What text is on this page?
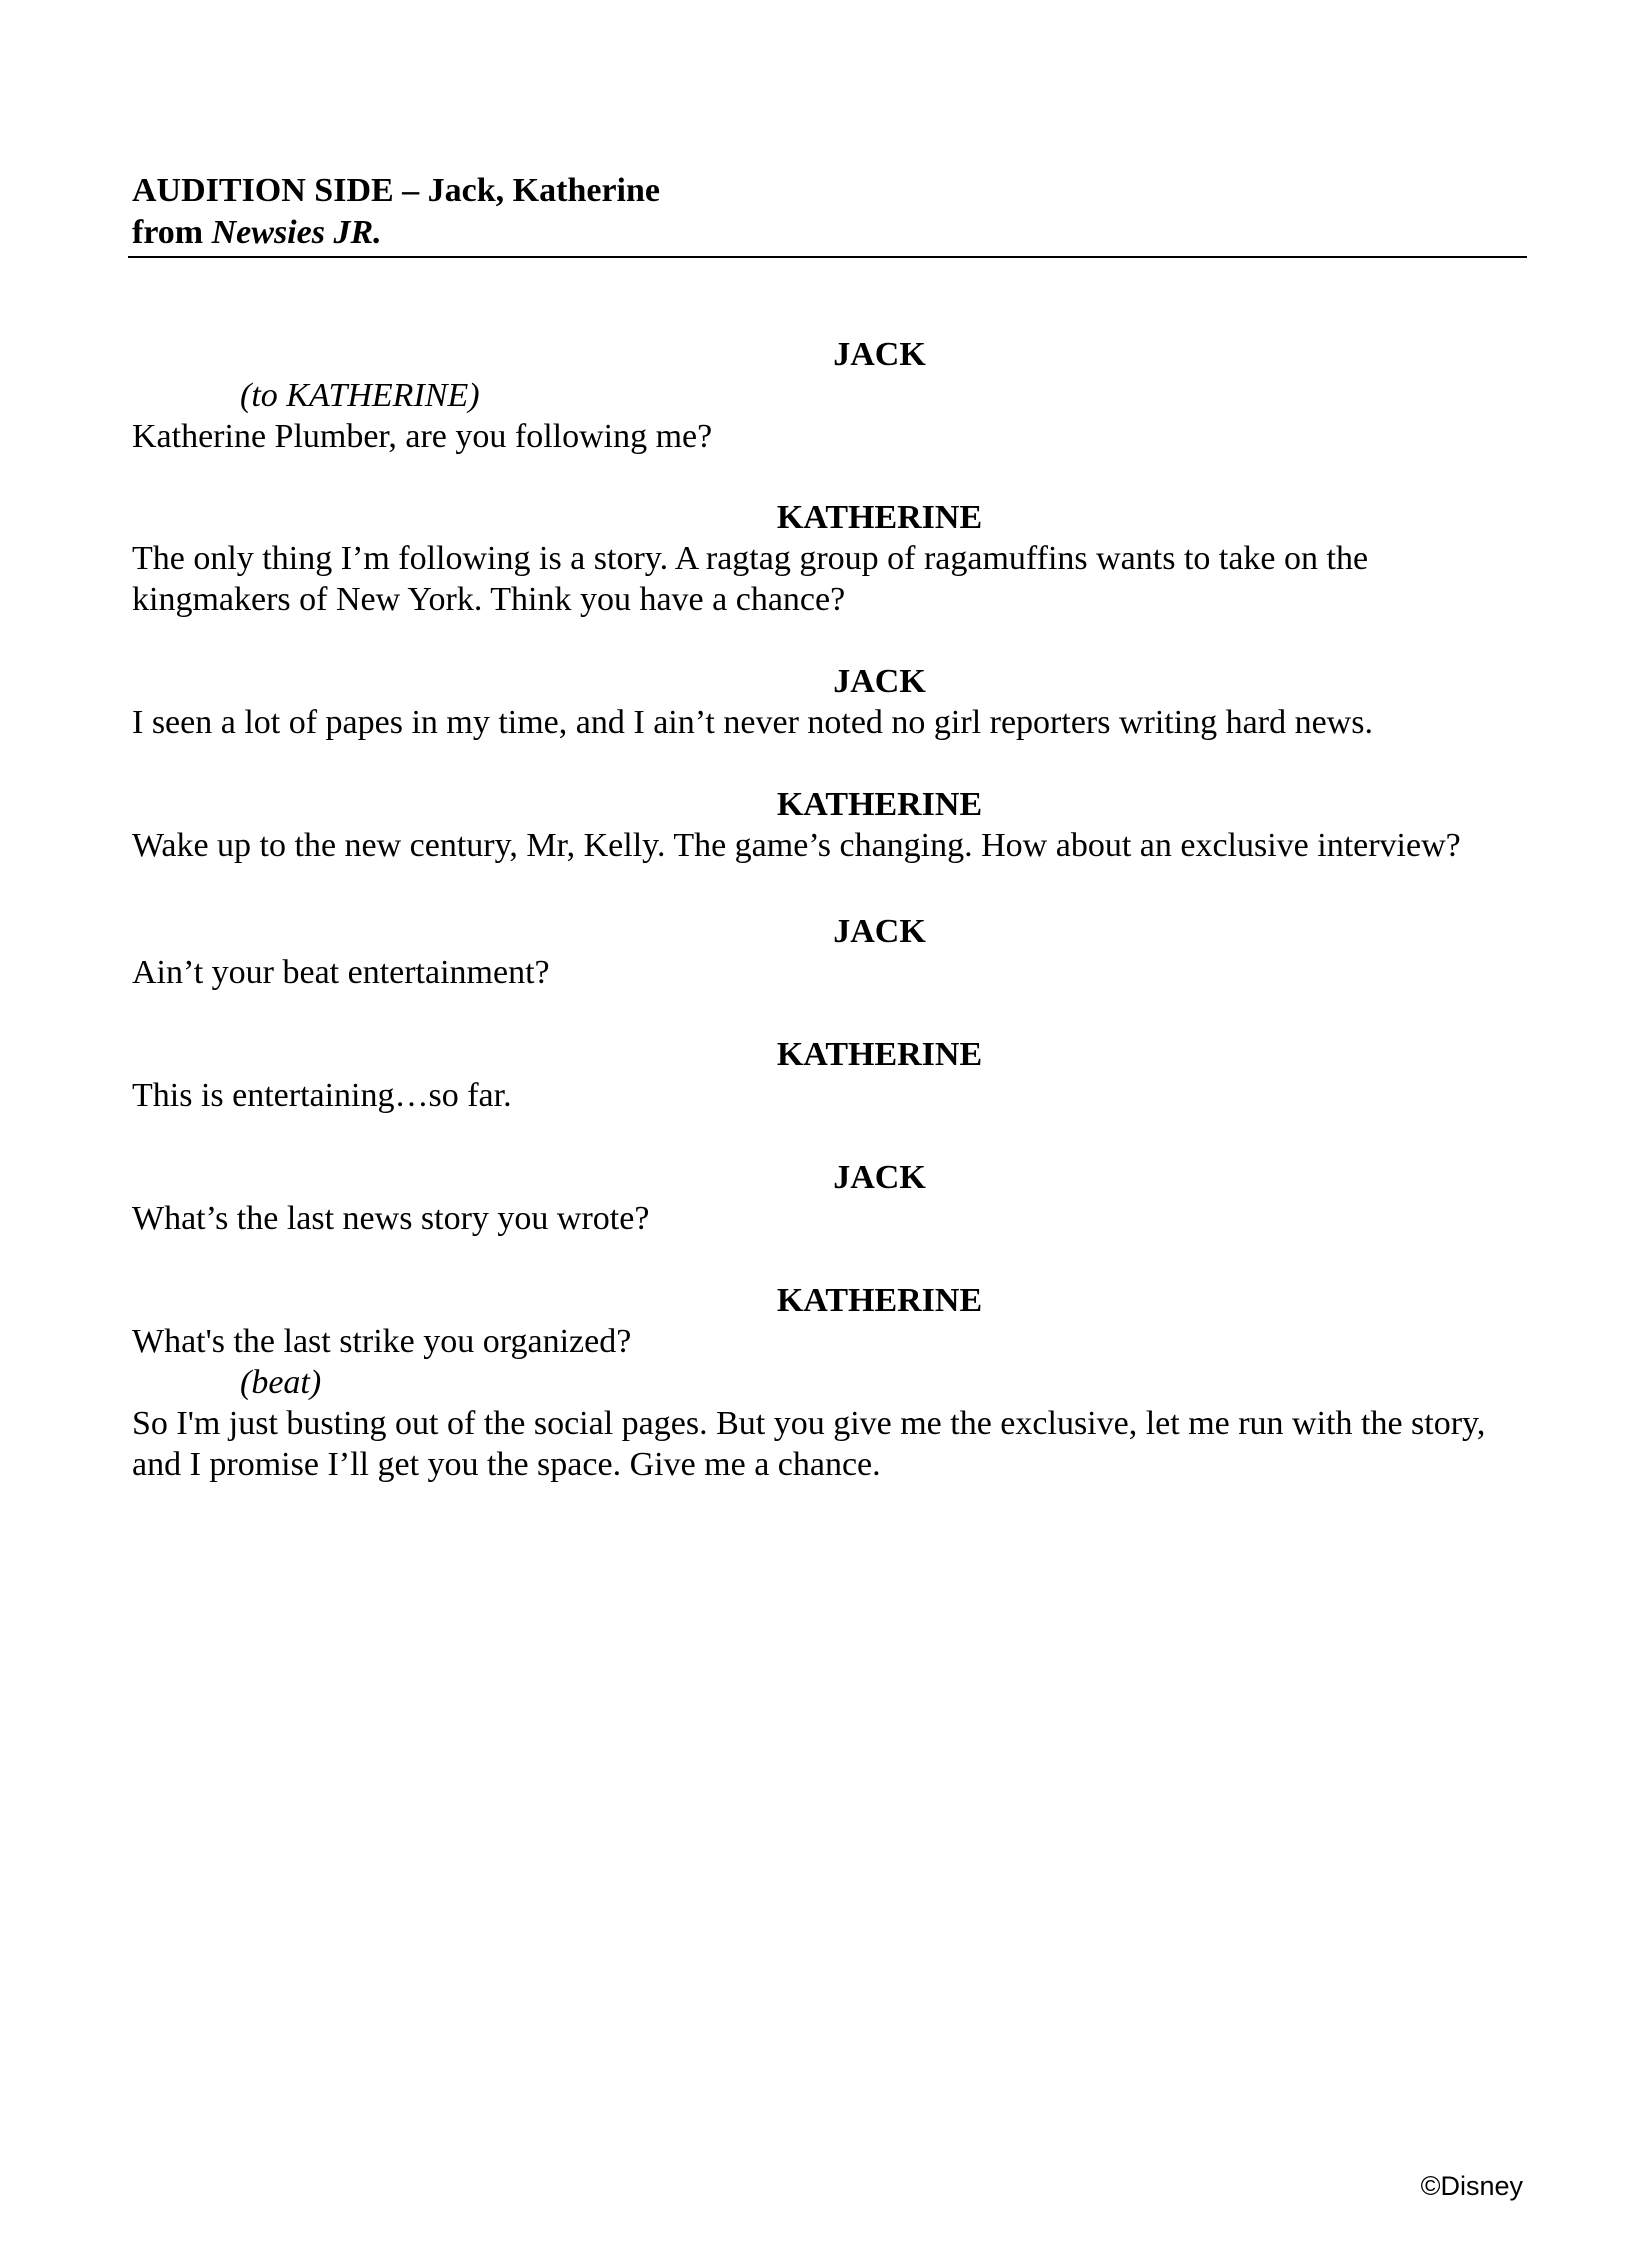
AUDITION SIDE – Jack, Katherine
from Newsies JR.
JACK
(to KATHERINE)
Katherine Plumber, are you following me?
KATHERINE
The only thing I’m following is a story. A ragtag group of ragamuffins wants to take on the kingmakers of New York. Think you have a chance?
JACK
I seen a lot of papes in my time, and I ain’t never noted no girl reporters writing hard news.
KATHERINE
Wake up to the new century, Mr, Kelly. The game’s changing. How about an exclusive interview?
JACK
Ain’t your beat entertainment?
KATHERINE
This is entertaining…so far.
JACK
What’s the last news story you wrote?
KATHERINE
What's the last strike you organized?
(beat)
So I'm just busting out of the social pages. But you give me the exclusive, let me run with the story, and I promise I’ll get you the space. Give me a chance.
©Disney
